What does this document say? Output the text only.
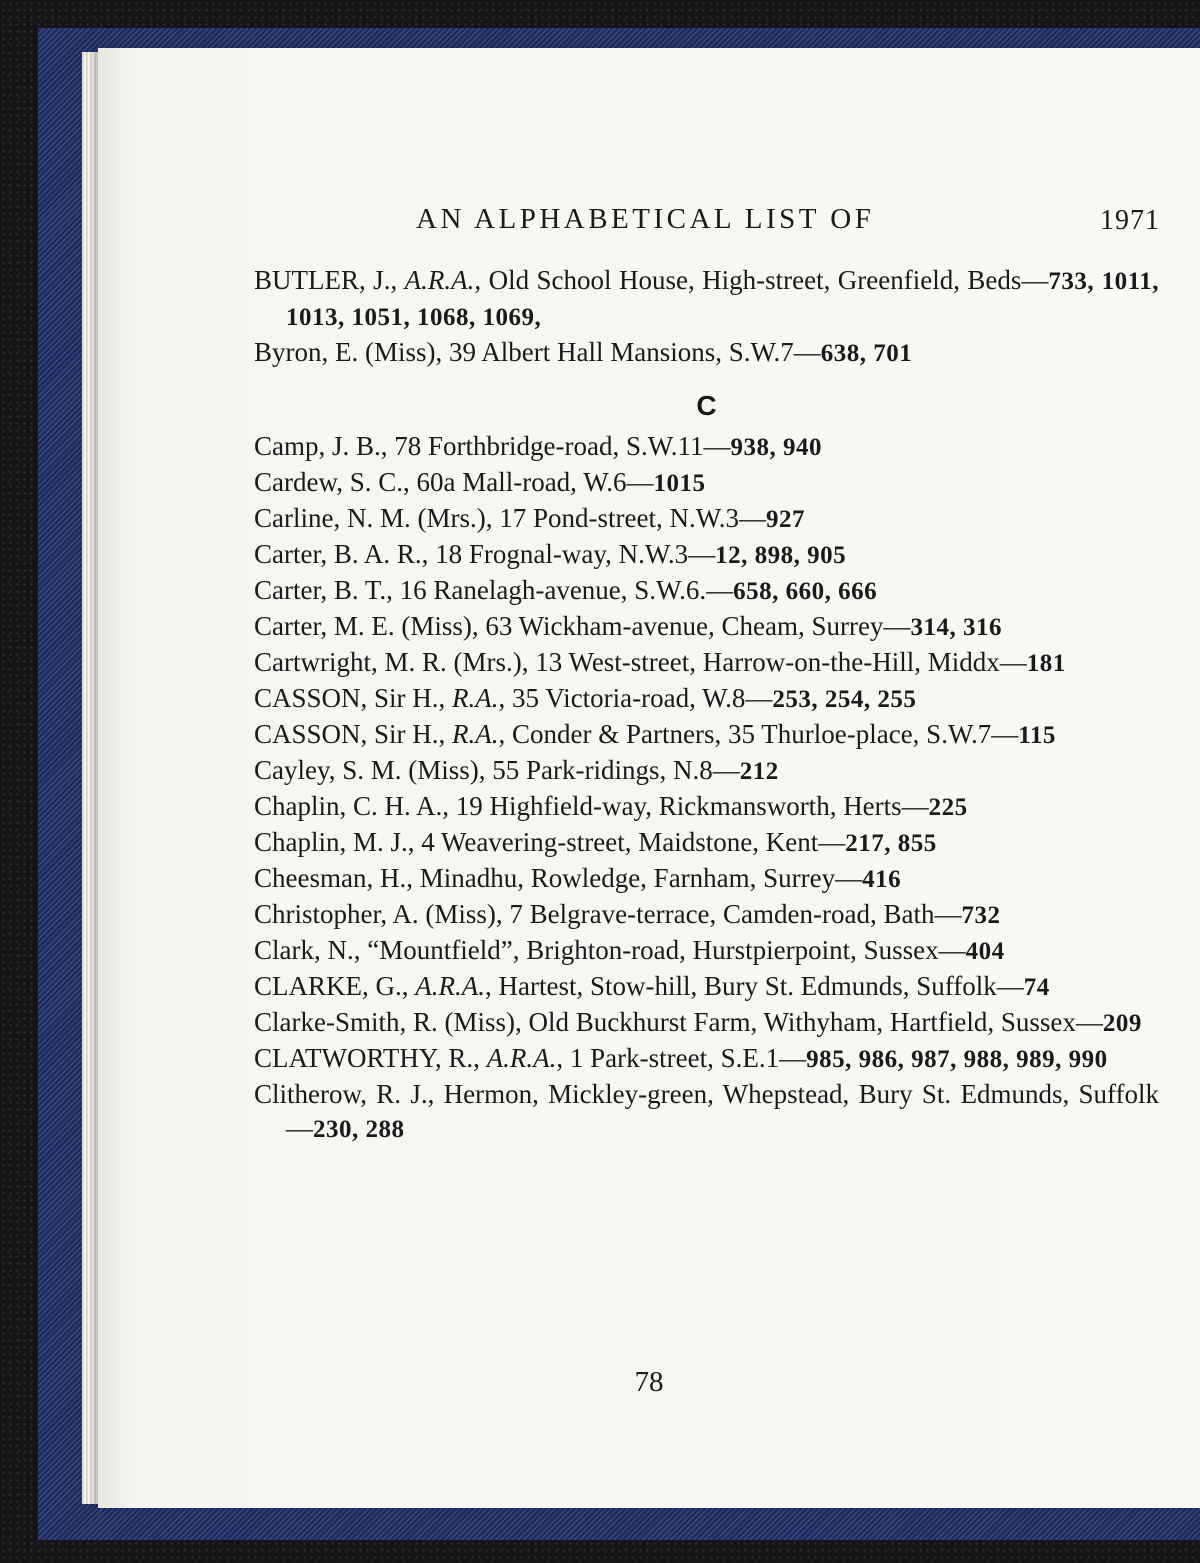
AN ALPHABETICAL LIST OF	1971

BUTLER, J., A.R.A., Old School House, High-street, Greenfield, Beds—733, 1011, 1013, 1051, 1068, 1069,

Byron, E. (Miss), 39 Albert Hall Mansions, S.W.7—638, 701

C

Camp, J. B., 78 Forthbridge-road, S.W.11—938, 940

Cardew, S. C., 60a Mall-road, W.6—1015

Carline, N. M. (Mrs.), 17 Pond-street, N.W.3—927

Carter, B. A. R., 18 Frognal-way, N.W.3—12, 898, 905

Carter, B. T., 16 Ranelagh-avenue, S.W.6.—658, 660, 666

Carter, M. E. (Miss), 63 Wickham-avenue, Cheam, Surrey—314, 316

Cartwright, M. R. (Mrs.), 13 West-street, Harrow-on-the-Hill, Middx—181

CASSON, Sir H., R.A., 35 Victoria-road, W.8—253, 254, 255

CASSON, Sir H., R.A., Conder & Partners, 35 Thurloe-place, S.W.7—115

Cayley, S. M. (Miss), 55 Park-ridings, N.8—212

Chaplin, C. H. A., 19 Highfield-way, Rickmansworth, Herts—225

Chaplin, M. J., 4 Weavering-street, Maidstone, Kent—217, 855

Cheesman, H., Minadhu, Rowledge, Farnham, Surrey—416

Christopher, A. (Miss), 7 Belgrave-terrace, Camden-road, Bath—732

Clark, N., “Mountfield”, Brighton-road, Hurstpierpoint, Sussex—404

CLARKE, G., A.R.A., Hartest, Stow-hill, Bury St. Edmunds, Suffolk—74

Clarke-Smith, R. (Miss), Old Buckhurst Farm, Withyham, Hartfield, Sussex—209

CLATWORTHY, R., A.R.A., 1 Park-street, S.E.1—985, 986, 987, 988, 989, 990

Clitherow, R. J., Hermon, Mickley-green, Whepstead, Bury St. Edmunds, Suffolk—230, 288

78
